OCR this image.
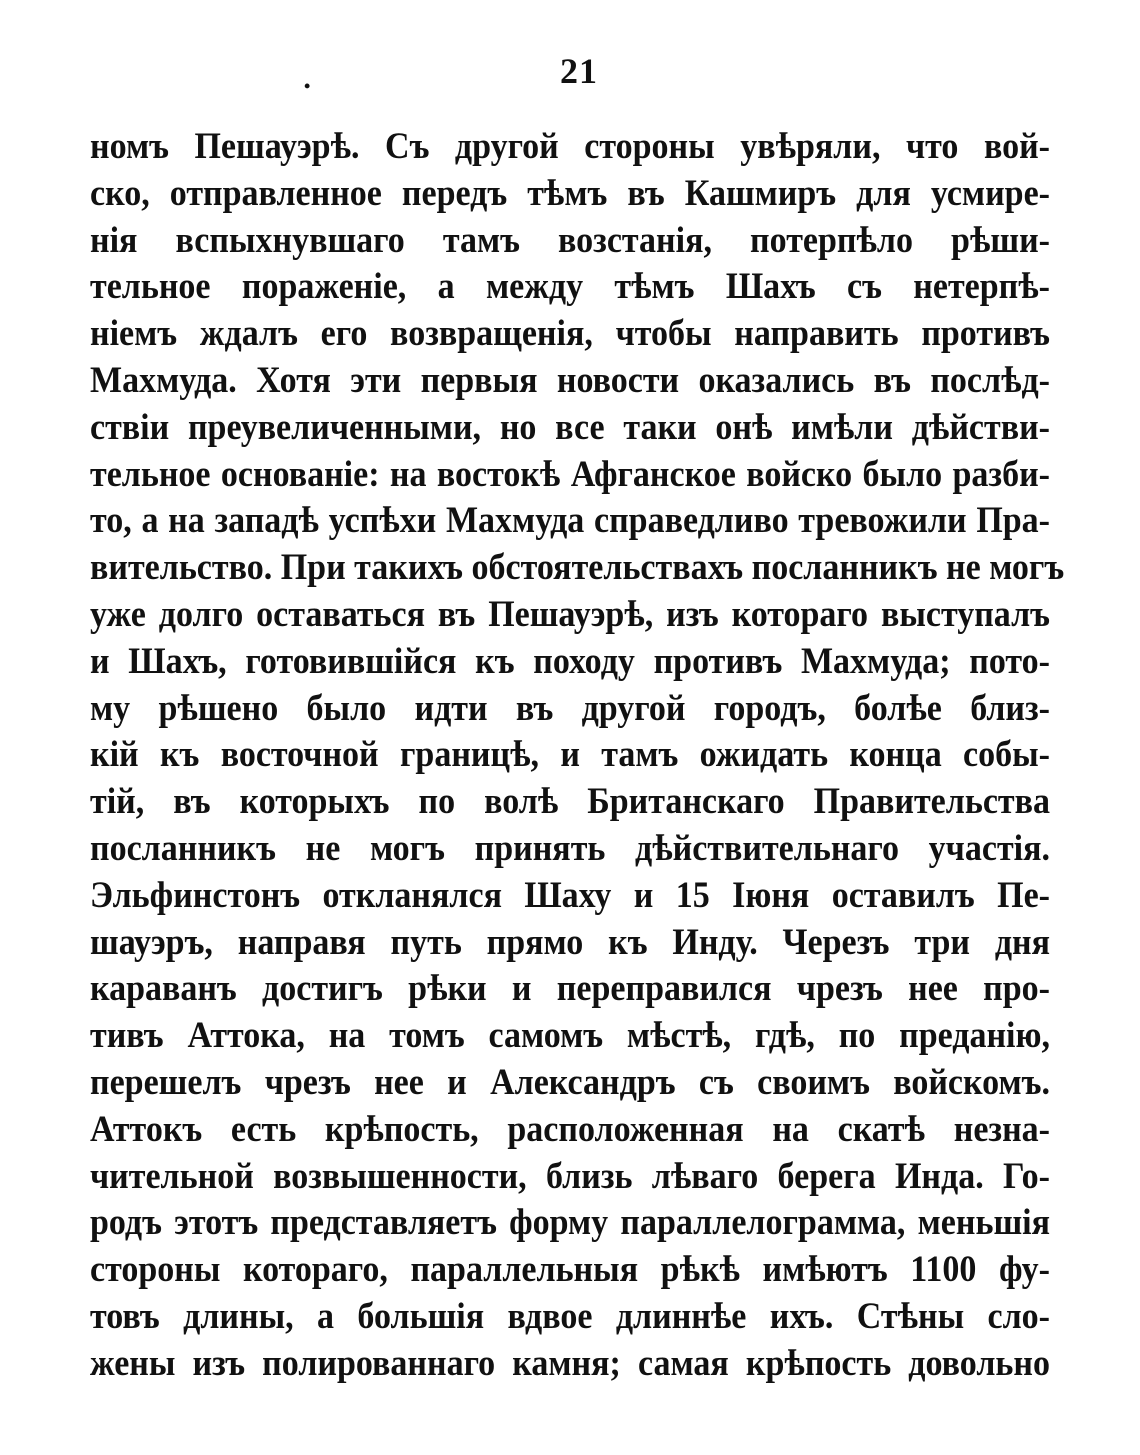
•	21
номъ Пешауэрѣ. Съ другой стороны увѣряли, что вой-
ско, отправленное передъ тѣмъ въ Кашмиръ для усмире-
нія вспыхнувшаго тамъ возстанія, потерпѣло рѣши-
тельное пораженіе, а между тѣмъ Шахъ съ нетерпѣ-
ніемъ ждалъ его возвращенія, чтобы направить противъ
Махмуда. Хотя эти первыя новости оказались въ послѣд-
ствіи преувеличенными, но все таки онѣ имѣли дѣйстви-
тельное основаніе: на востокѣ Афганское войско было разби-
то, а на западѣ успѣхи Махмуда справедливо тревожили Пра-
вительство. При такихъ обстоятельствахъ посланникъ не могъ
уже долго оставаться въ Пешауэрѣ, изъ котораго выступалъ
и Шахъ, готовившійся къ походу противъ Махмуда; пото-
му рѣшено было идти въ другой городъ, болѣе близ-
кій къ восточной границѣ, и тамъ ожидать конца собы-
тій, въ которыхъ по волѣ Британскаго Правительства
посланникъ не могъ принять дѣйствительнаго участія.
Эльфинстонъ откланялся Шаху и 15 Іюня оставилъ Пе-
шауэръ, направя путь прямо къ Инду. Черезъ три дня
караванъ достигъ рѣки и переправился чрезъ нее про-
тивъ Аттока, на томъ самомъ мѣстѣ, гдѣ, по преданію,
перешелъ чрезъ нее и Александръ съ своимъ войскомъ.
Аттокъ есть крѣпость, расположенная на скатѣ незна-
чительной возвышенности, близь лѣваго берега Инда. Го-
родъ этотъ представляетъ форму параллелограмма, меньшія
стороны котораго, параллельныя рѣкѣ имѣютъ 1100 фу-
товъ длины, а большія вдвое длиннѣе ихъ. Стѣны сло-
жены изъ полированнаго камня; самая крѣпость довольно
